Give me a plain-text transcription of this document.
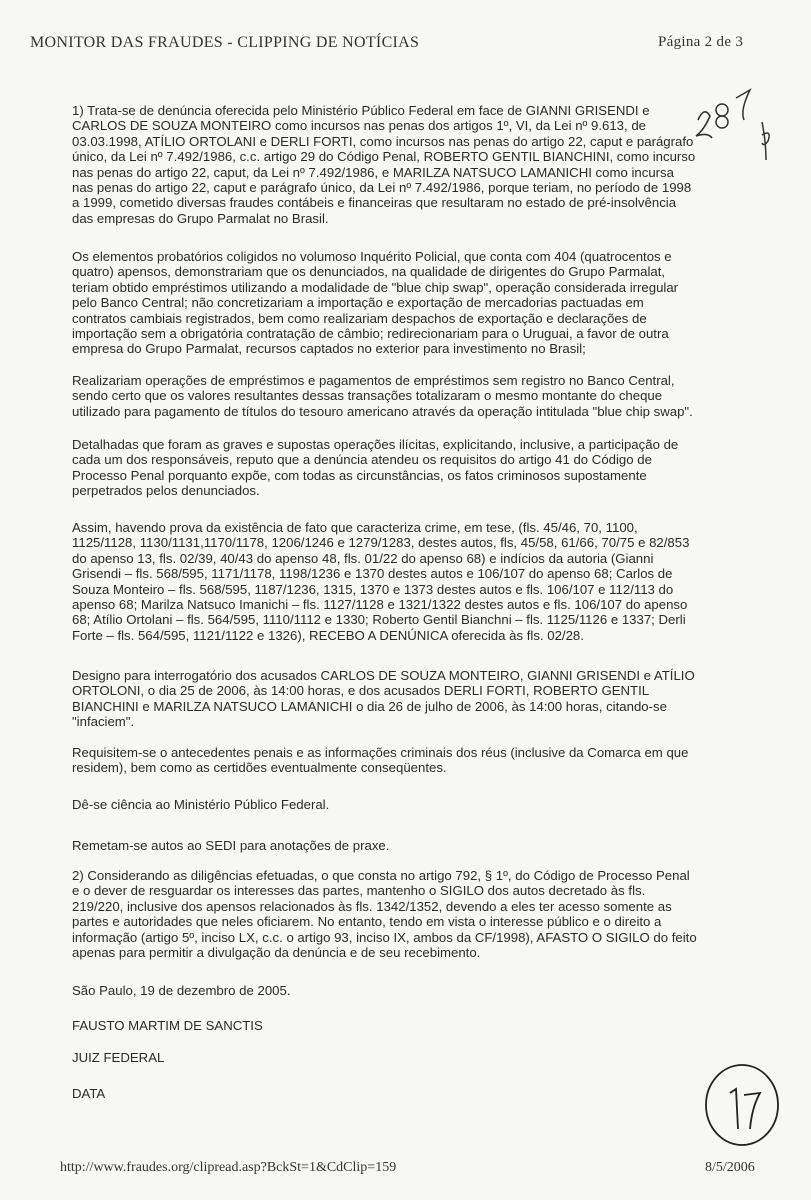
MONITOR DAS FRAUDES - CLIPPING DE NOTÍCIAS	Página 2 de 3
1) Trata-se de denúncia oferecida pelo Ministério Público Federal em face de GIANNI GRISENDI e
CARLOS DE SOUZA MONTEIRO como incursos nas penas dos artigos 1º, VI, da Lei nº 9.613, de
03.03.1998, ATÍLIO ORTOLANI e DERLI FORTI, como incursos nas penas do artigo 22, caput e parágrafo
único, da Lei nº 7.492/1986, c.c. artigo 29 do Código Penal, ROBERTO GENTIL BIANCHINI, como incurso
nas penas do artigo 22, caput, da Lei nº 7.492/1986, e MARILZA NATSUCO LAMANICHI como incursa
nas penas do artigo 22, caput e parágrafo único, da Lei nº 7.492/1986, porque teriam, no período de 1998
a 1999, cometido diversas fraudes contábeis e financeiras que resultaram no estado de pré-insolvência
das empresas do Grupo Parmalat no Brasil.
Os elementos probatórios coligidos no volumoso Inquérito Policial, que conta com 404 (quatrocentos e
quatro) apensos, demonstrariam que os denunciados, na qualidade de dirigentes do Grupo Parmalat,
teriam obtido empréstimos utilizando a modalidade de "blue chip swap", operação considerada irregular
pelo Banco Central; não concretizariam a importação e exportação de mercadorias pactuadas em
contratos cambiais registrados, bem como realizariam despachos de exportação e declarações de
importação sem a obrigatória contratação de câmbio; redirecionariam para o Uruguai, a favor de outra
empresa do Grupo Parmalat, recursos captados no exterior para investimento no Brasil;
Realizariam operações de empréstimos e pagamentos de empréstimos sem registro no Banco Central,
sendo certo que os valores resultantes dessas transações totalizaram o mesmo montante do cheque
utilizado para pagamento de títulos do tesouro americano através da operação intitulada "blue chip swap".
Detalhadas que foram as graves e supostas operações ilícitas, explicitando, inclusive, a participação de
cada um dos responsáveis, reputo que a denúncia atendeu os requisitos do artigo 41 do Código de
Processo Penal porquanto expõe, com todas as circunstâncias, os fatos criminosos supostamente
perpetrados pelos denunciados.
Assim, havendo prova da existência de fato que caracteriza crime, em tese, (fls. 45/46, 70, 1100,
1125/1128, 1130/1131,1170/1178, 1206/1246 e 1279/1283, destes autos, fls, 45/58, 61/66, 70/75 e 82/853
do apenso 13, fls. 02/39, 40/43 do apenso 48, fls. 01/22 do apenso 68) e indícios da autoria (Gianni
Grisendi – fls. 568/595, 1171/1178, 1198/1236 e 1370 destes autos e 106/107 do apenso 68; Carlos de
Souza Monteiro – fls. 568/595, 1187/1236, 1315, 1370 e 1373 destes autos e fls. 106/107 e 112/113 do
apenso 68; Marilza Natsuco Imanichi – fls. 1127/1128 e 1321/1322 destes autos e fls. 106/107 do apenso
68; Atílio Ortolani – fls. 564/595, 1110/1112 e 1330; Roberto Gentil Bianchni – fls. 1125/1126 e 1337; Derli
Forte – fls. 564/595, 1121/1122 e 1326), RECEBO A DENÚNICA oferecida às fls. 02/28.
Designo para interrogatório dos acusados CARLOS DE SOUZA MONTEIRO, GIANNI GRISENDI e ATÍLIO
ORTOLONI, o dia 25 de 2006, às 14:00 horas, e dos acusados DERLI FORTI, ROBERTO GENTIL
BIANCHINI e MARILZA NATSUCO LAMANICHI o dia 26 de julho de 2006, às 14:00 horas, citando-se
"infaciem".
Requisitem-se o antecedentes penais e as informações criminais dos réus (inclusive da Comarca em que
residem), bem como as certidões eventualmente conseqüentes.
Dê-se ciência ao Ministério Público Federal.
Remetam-se autos ao SEDI para anotações de praxe.
2) Considerando as diligências efetuadas, o que consta no artigo 792, § 1º, do Código de Processo Penal
e o dever de resguardar os interesses das partes, mantenho o SIGILO dos autos decretado às fls.
219/220, inclusive dos apensos relacionados às fls. 1342/1352, devendo a eles ter acesso somente as
partes e autoridades que neles oficiarem. No entanto, tendo em vista o interesse público e o direito a
informação (artigo 5º, inciso LX, c.c. o artigo 93, inciso IX, ambos da CF/1998), AFASTO O SIGILO do feito
apenas para permitir a divulgação da denúncia e de seu recebimento.
São Paulo, 19 de dezembro de 2005.
FAUSTO MARTIM DE SANCTIS
JUIZ FEDERAL
DATA
http://www.fraudes.org/clipread.asp?BckSt=1&CdClip=159	8/5/2006
